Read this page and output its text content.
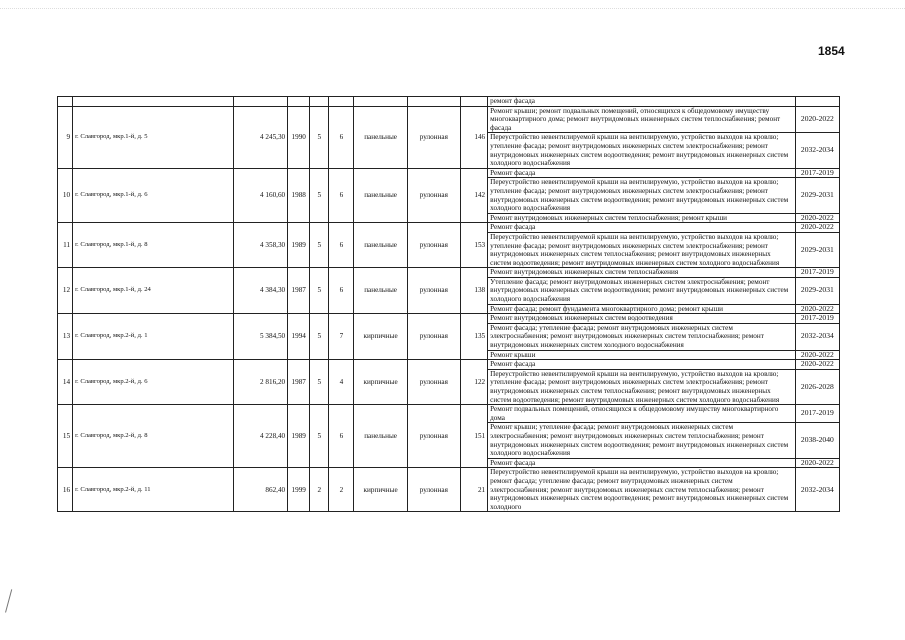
1854
									ремонт фасада	
9	г. Славгород, мкр.1-й, д. 5	4 245,30	1990	5	6	панельные	рулонная	146	Ремонт крыши; ремонт подвальных помещений, относящихся к общедомовому имуществу многоквартирного дома; ремонт внутридомовых инженерных систем теплоснабжения; ремонт фасада	2020-2022
									Переустройство невентилируемой крыши на вентилируемую, устройство выходов на кровлю; утепление фасада; ремонт внутридомовых инженерных систем электроснабжения; ремонт внутридомовых инженерных систем водоотведения; ремонт внутридомовых инженерных систем холодного водоснабжения	2032-2034
10	г. Славгород, мкр.1-й, д. 6	4 160,60	1988	5	6	панельные	рулонная	142	Ремонт фасада	2017-2019
									Переустройство невентилируемой крыши на вентилируемую, устройство выходов на кровлю; утепление фасада; ремонт внутридомовых инженерных систем электроснабжения; ремонт внутридомовых инженерных систем водоотведения; ремонт внутридомовых инженерных систем холодного водоснабжения	2029-2031
									Ремонт внутридомовых инженерных систем теплоснабжения; ремонт крыши	2020-2022
11	г. Славгород, мкр.1-й, д. 8	4 358,30	1989	5	6	панельные	рулонная	153	Ремонт фасада	2020-2022
									Переустройство невентилируемой крыши на вентилируемую, устройство выходов на кровлю; утепление фасада; ремонт внутридомовых инженерных систем электроснабжения; ремонт внутридомовых инженерных систем теплоснабжения; ремонт внутридомовых инженерных систем водоотведения; ремонт внутридомовых инженерных систем холодного водоснабжения	2029-2031
12	г. Славгород, мкр.1-й, д. 24	4 384,30	1987	5	6	панельные	рулонная	138	Ремонт внутридомовых инженерных систем теплоснабжения	2017-2019
									Утепление фасада; ремонт внутридомовых инженерных систем электроснабжения; ремонт внутридомовых инженерных систем водоотведения; ремонт внутридомовых инженерных систем холодного водоснабжения	2029-2031
									Ремонт фасада; ремонт фундамента многоквартирного дома; ремонт крыши	2020-2022
13	г. Славгород, мкр.2-й, д. 1	5 384,50	1994	5	7	кирпичные	рулонная	135	Ремонт внутридомовых инженерных систем водоотведения	2017-2019
									Ремонт фасада; утепление фасада; ремонт внутридомовых инженерных систем электроснабжения; ремонт внутридомовых инженерных систем теплоснабжения; ремонт внутридомовых инженерных систем холодного водоснабжения	2032-2034
									Ремонт крыши	2020-2022
14	г. Славгород, мкр.2-й, д. 6	2 816,20	1987	5	4	кирпичные	рулонная	122	Ремонт фасада	2020-2022
									Переустройство невентилируемой крыши на вентилируемую, устройство выходов на кровлю; утепление фасада; ремонт внутридомовых инженерных систем электроснабжения; ремонт внутридомовых инженерных систем теплоснабжения; ремонт внутридомовых инженерных систем водоотведения; ремонт внутридомовых инженерных систем холодного водоснабжения	2026-2028
15	г. Славгород, мкр.2-й, д. 8	4 228,40	1989	5	6	панельные	рулонная	151	Ремонт подвальных помещений, относящихся к общедомовому имуществу многоквартирного дома	2017-2019
									Ремонт крыши; утепление фасада; ремонт внутридомовых инженерных систем электроснабжения; ремонт внутридомовых инженерных систем теплоснабжения; ремонт внутридомовых инженерных систем водоотведения; ремонт внутридомовых инженерных систем холодного водоснабжения	2038-2040
									Ремонт фасада	2020-2022
16	г. Славгород, мкр.2-й, д. 11	862,40	1999	2	2	кирпичные	рулонная	21	Переустройство невентилируемой крыши на вентилируемую, устройство выходов на кровлю; ремонт фасада; утепление фасада; ремонт внутридомовых инженерных систем электроснабжения; ремонт внутридомовых инженерных систем теплоснабжения; ремонт внутридомовых инженерных систем водоотведения; ремонт внутридомовых инженерных систем холодного	2032-2034
